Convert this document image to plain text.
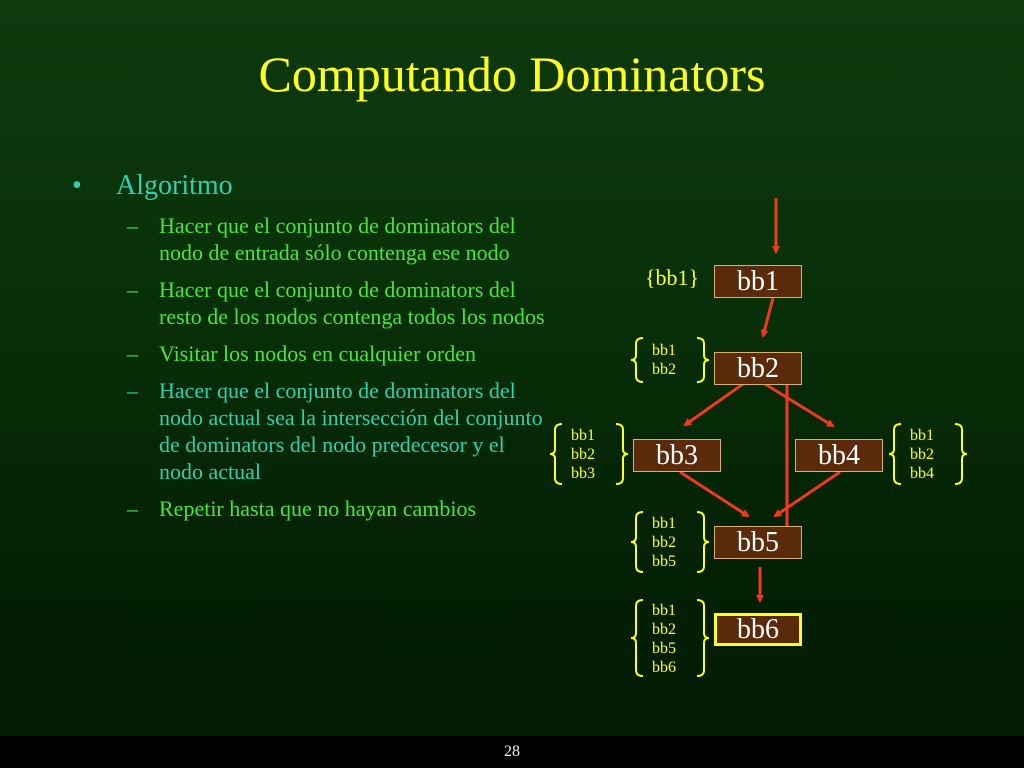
Computando Dominators
• Algoritmo
– Hacer que el conjunto de dominators del nodo de entrada sólo contenga ese nodo
– Hacer que el conjunto de dominators del resto de los nodos contenga todos los nodos
– Visitar los nodos en cualquier orden
– Hacer que el conjunto de dominators del nodo actual sea la intersección del conjunto de dominators del nodo predecesor y el nodo actual
– Repetir hasta que no hayan cambios
bb1
bb2
bb3	bb4
bb5
bb6
{bb1}
bb1
bb2
bb1
bb2
bb3
bb1
bb2
bb4
bb1
bb2
bb5
bb1
bb2
bb5
bb6
28
